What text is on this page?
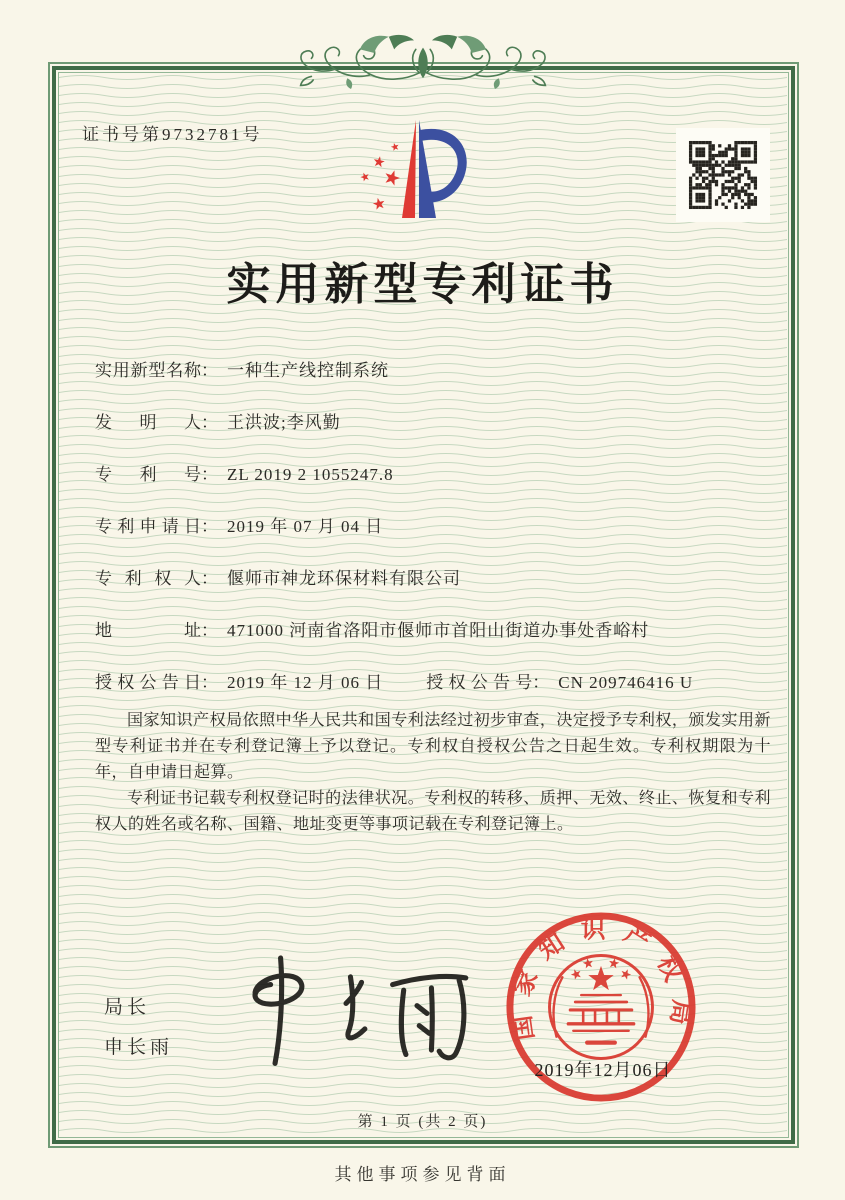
证书号第9732781号
实用新型专利证书
实用新型名称： 一种生产线控制系统
发明人： 王洪波;李风勤
专利号： ZL 2019 2 1055247.8
专利申请日： 2019 年 07 月 04 日
专利权人： 偃师市神龙环保材料有限公司
地址： 471000 河南省洛阳市偃师市首阳山街道办事处香峪村
授权公告日： 2019 年 12 月 06 日	授权公告号： CN 209746416 U

国家知识产权局依照中华人民共和国专利法经过初步审查，决定授予专利权，颁发实用新型专利证书并在专利登记簿上予以登记。专利权自授权公告之日起生效。专利权期限为十年，自申请日起算。

专利证书记载专利权登记时的法律状况。专利权的转移、质押、无效、终止、恢复和专利权人的姓名或名称、国籍、地址变更等事项记载在专利登记簿上。

局长
申长雨
国家知识产权局
2019年12月06日
第 1 页 (共 2 页)
其他事项参见背面
